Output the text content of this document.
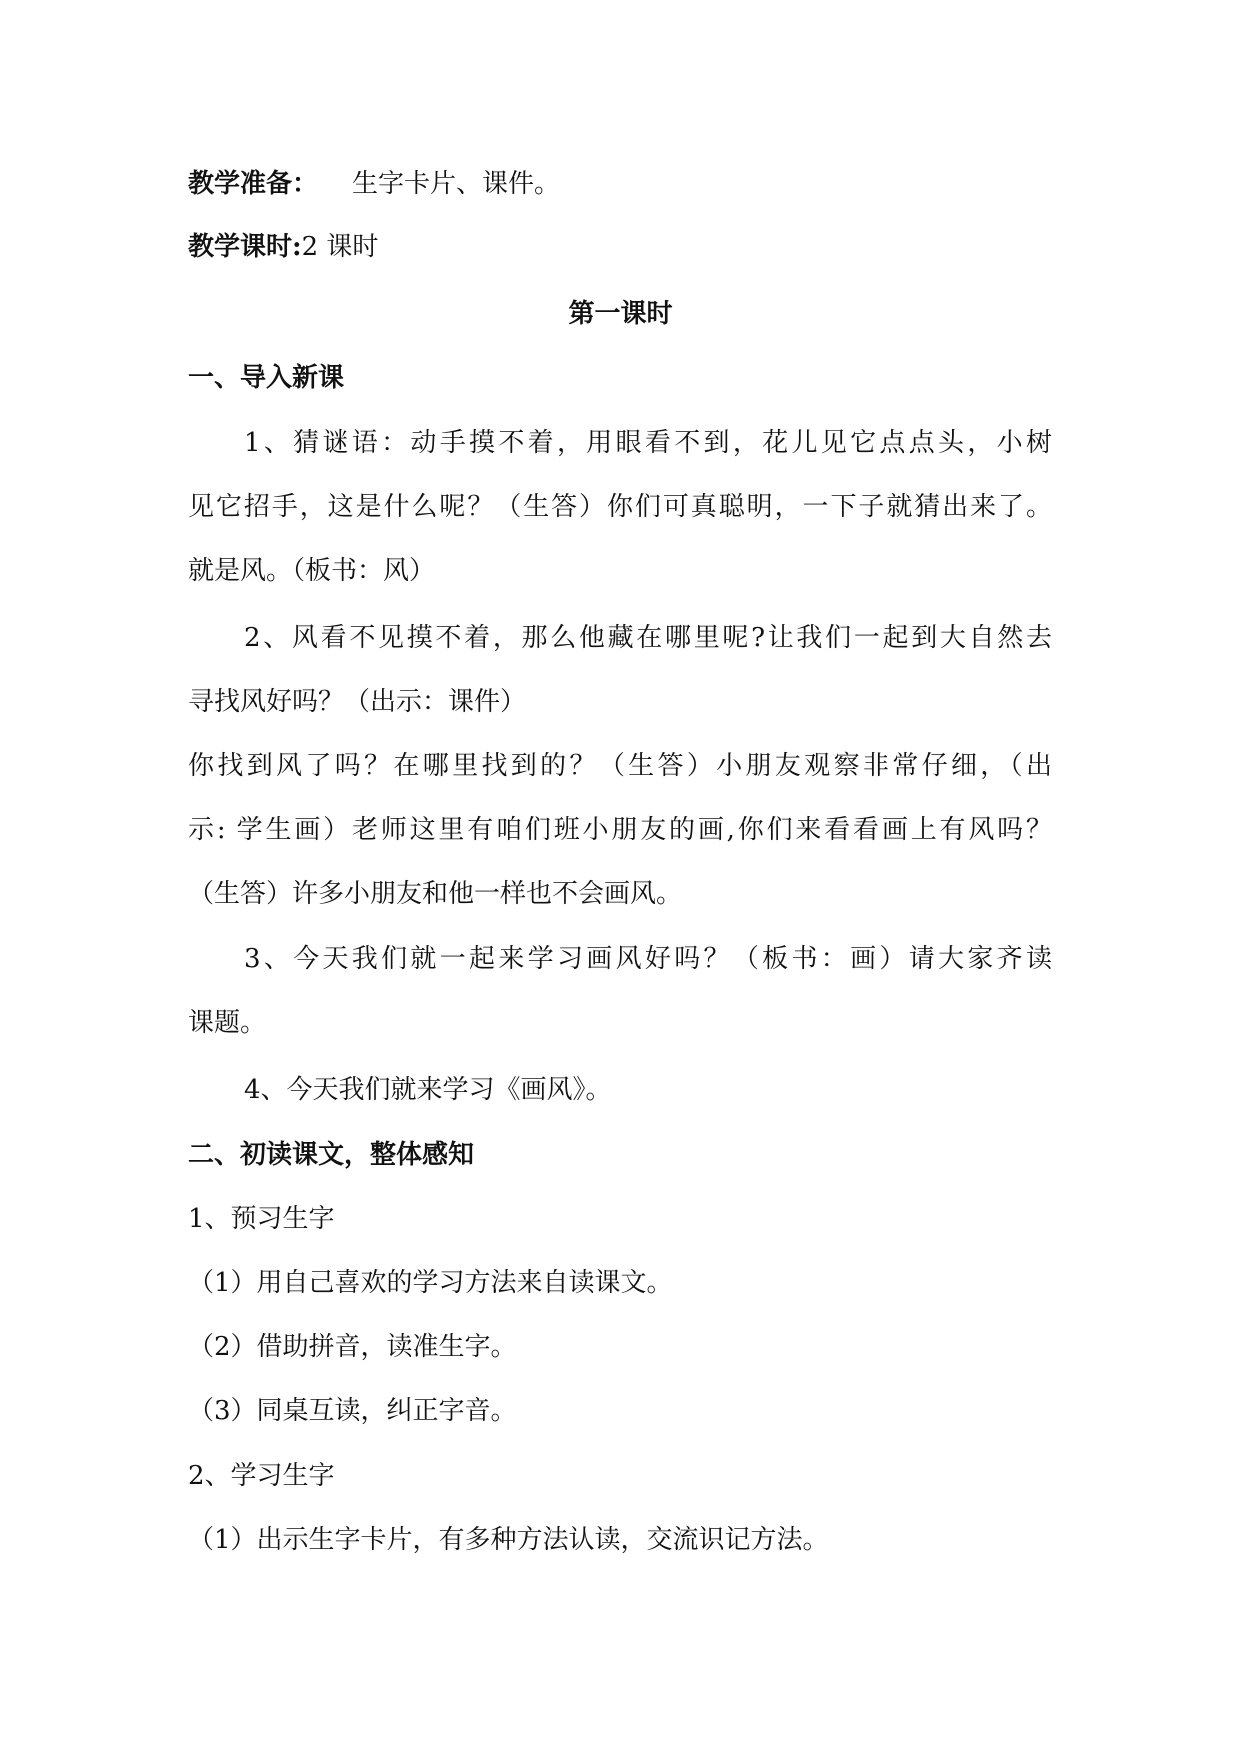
教学准备： 生字卡片、课件。
教学课时:2 课时
第一课时
一、导入新课
1、猜谜语：动手摸不着，用眼看不到，花儿见它点点头，小树
见它招手，这是什么呢？（生答）你们可真聪明，一下子就猜出来了。
就是风。（板书：风）
2、风看不见摸不着，那么他藏在哪里呢?让我们一起到大自然去
寻找风好吗？（出示：课件）
你找到风了吗？在哪里找到的？（生答）小朋友观察非常仔细，（出
示: 学生画）老师这里有咱们班小朋友的画,你们来看看画上有风吗？
（生答）许多小朋友和他一样也不会画风。
3、今天我们就一起来学习画风好吗？（板书：画）请大家齐读
课题。
4、今天我们就来学习《画风》。
二、初读课文，整体感知
1、预习生字
（1）用自己喜欢的学习方法来自读课文。
（2）借助拼音，读准生字。
（3）同桌互读，纠正字音。
2、学习生字
（1）出示生字卡片，有多种方法认读，交流识记方法。
